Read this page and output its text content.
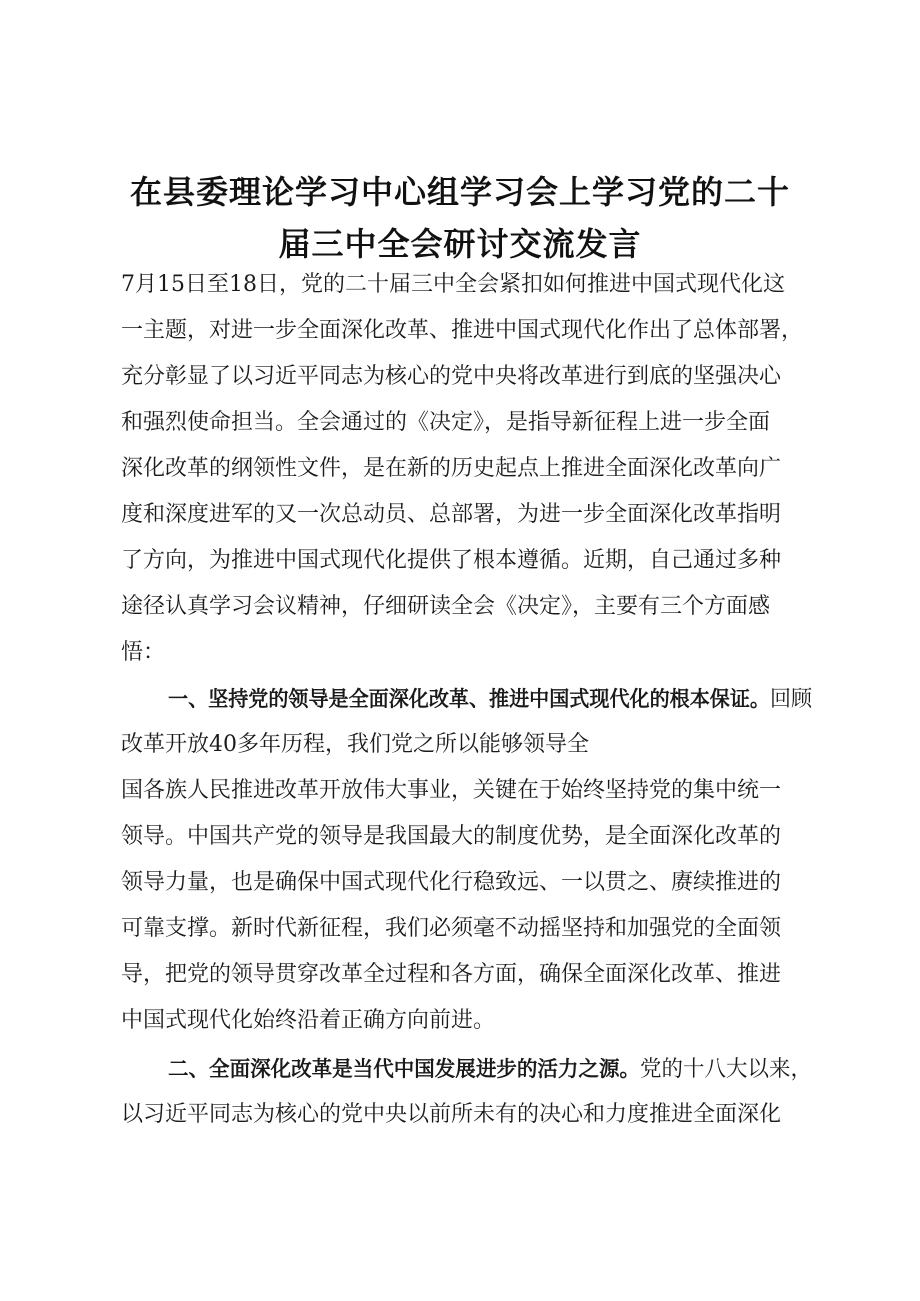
在县委理论学习中心组学习会上学习党的二十
届三中全会研讨交流发言
7月15日至18日，党的二十届三中全会紧扣如何推进中国式现代化这
一主题，对进一步全面深化改革、推进中国式现代化作出了总体部署，
充分彰显了以习近平同志为核心的党中央将改革进行到底的坚强决心
和强烈使命担当。全会通过的《决定》，是指导新征程上进一步全面
深化改革的纲领性文件，是在新的历史起点上推进全面深化改革向广
度和深度进军的又一次总动员、总部署，为进一步全面深化改革指明
了方向，为推进中国式现代化提供了根本遵循。近期，自己通过多种
途径认真学习会议精神，仔细研读全会《决定》，主要有三个方面感
悟：
一、坚持党的领导是全面深化改革、推进中国式现代化的根本保证。回顾
改革开放40多年历程，我们党之所以能够领导全
国各族人民推进改革开放伟大事业，关键在于始终坚持党的集中统一
领导。中国共产党的领导是我国最大的制度优势，是全面深化改革的
领导力量，也是确保中国式现代化行稳致远、一以贯之、赓续推进的
可靠支撑。新时代新征程，我们必须毫不动摇坚持和加强党的全面领
导，把党的领导贯穿改革全过程和各方面，确保全面深化改革、推进
中国式现代化始终沿着正确方向前进。
二、全面深化改革是当代中国发展进步的活力之源。党的十八大以来，
以习近平同志为核心的党中央以前所未有的决心和力度推进全面深化
